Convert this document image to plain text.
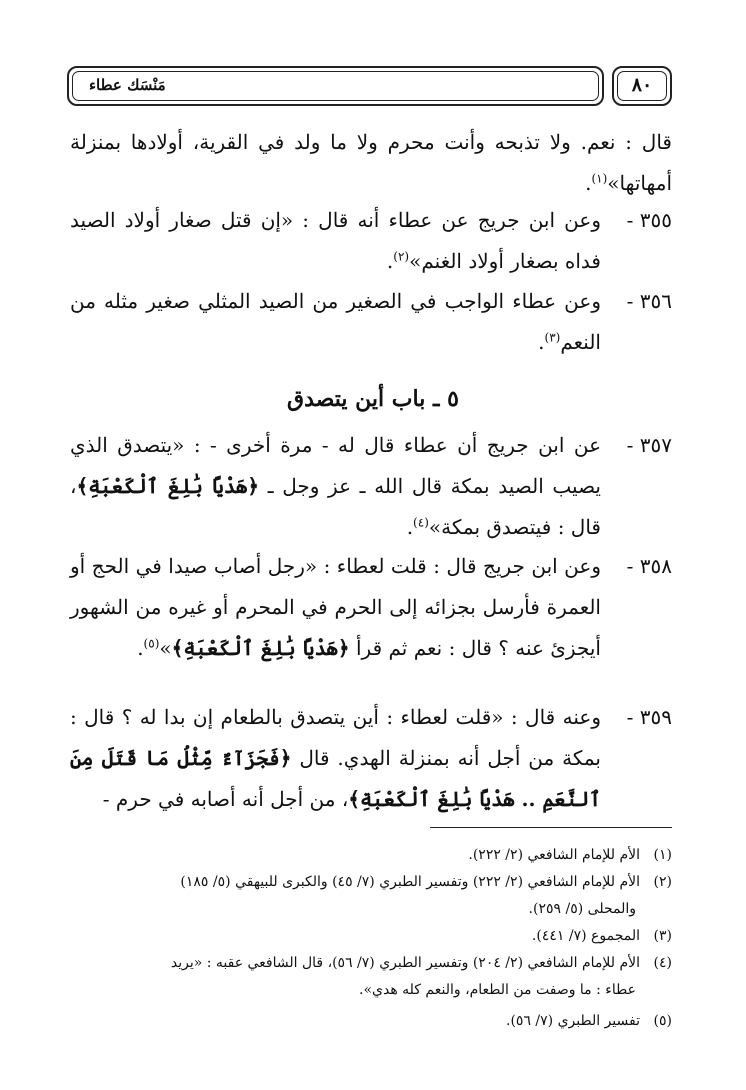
مَنْسَك عطاء	٨٠
قال : نعم. ولا تذبحه وأنت محرم ولا ما ولد في القرية، أولادها بمنزلة أمهاتها»$^{(١)}$.
٣٥٥ -
وعن ابن جريج عن عطاء أنه قال : «إن قتل صغار أولاد الصيد فداه بصغار أولاد الغنم»$^{(٢)}$.
٣٥٦ -
وعن عطاء الواجب في الصغير من الصيد المثلي صغير مثله من النعم$^{(٣)}$.
٥ ـ باب أين يتصدق
٣٥٧ -
عن ابن جريج أن عطاء قال له - مرة أخرى - : «يتصدق الذي يصيب الصيد بمكة قال الله ـ عز وجل ـ ﴿هَدْيًا بَٰلِغَ ٱلْكَعْبَةِ﴾، قال : فيتصدق بمكة»$^{(٤)}$.
٣٥٨ -
وعن ابن جريج قال : قلت لعطاء : «رجل أصاب صيدا في الحج أو العمرة فأرسل بجزائه إلى الحرم في المحرم أو غيره من الشهور أيجزئ عنه ؟ قال : نعم ثم قرأ ﴿هَدْيًا بَٰلِغَ ٱلْكَعْبَةِ﴾»$^{(٥)}$.
٣٥٩ -
وعنه قال : «قلت لعطاء : أين يتصدق بالطعام إن بدا له ؟ قال : بمكة من أجل أنه بمنزلة الهدي. قال ﴿فَجَزَآءٌ مِّثْلُ مَا قَتَلَ مِنَ ٱلنَّعَمِ .. هَدْيًا بَٰلِغَ ٱلْكَعْبَةِ﴾، من أجل أنه أصابه في حرم -
(١)الأم للإمام الشافعي (٢/ ٢٢٢).
(٢)الأم للإمام الشافعي (٢/ ٢٢٢) وتفسير الطبري (٧/ ٤٥) والكبرى للبيهقي (٥/ ١٨٥)
والمحلى (٥/ ٢٥٩).
(٣)المجموع (٧/ ٤٤١).
(٤)الأم للإمام الشافعي (٢/ ٢٠٤) وتفسير الطبري (٧/ ٥٦)، قال الشافعي عقبه : «يريد
عطاء : ما وصفت من الطعام، والنعم كله هدي».
(٥)تفسير الطبري (٧/ ٥٦).
